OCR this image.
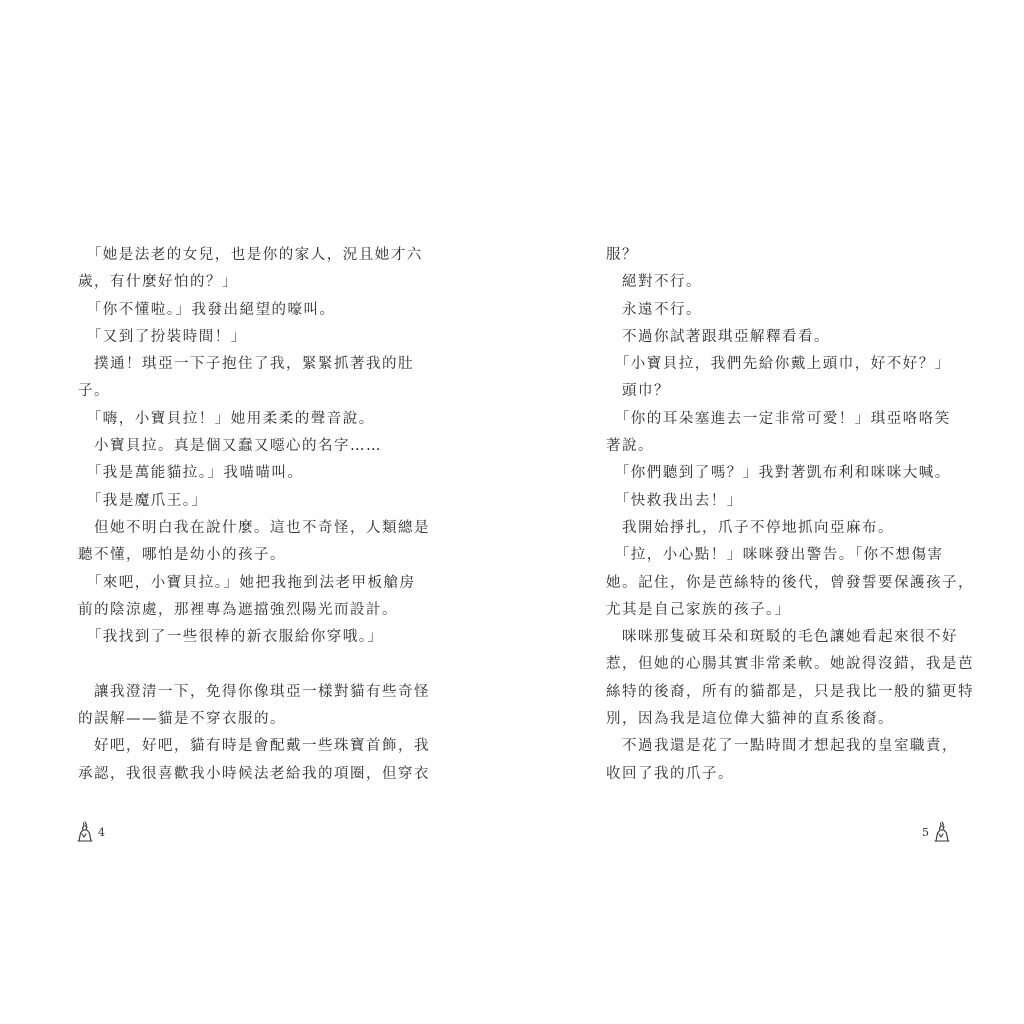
　「她是法老的女兒，也是你的家人，況且她才六
歲，有什麼好怕的？」
　「你不懂啦。」我發出絕望的嚎叫。
　「又到了扮裝時間！」
　撲通！琪亞一下子抱住了我，緊緊抓著我的肚
子。
　「嗨，小寶貝拉！」她用柔柔的聲音說。
　小寶貝拉。真是個又蠢又噁心的名字……
　「我是萬能貓拉。」我喵喵叫。
　「我是魔爪王。」
　但她不明白我在說什麼。這也不奇怪，人類總是
聽不懂，哪怕是幼小的孩子。
　「來吧，小寶貝拉。」她把我拖到法老甲板艙房
前的陰涼處，那裡專為遮擋強烈陽光而設計。
　「我找到了一些很棒的新衣服給你穿哦。」
　讓我澄清一下，免得你像琪亞一樣對貓有些奇怪
的誤解——貓是不穿衣服的。
　好吧，好吧，貓有時是會配戴一些珠寶首飾，我
承認，我很喜歡我小時候法老給我的項圈，但穿衣
服？
　絕對不行。
　永遠不行。
　不過你試著跟琪亞解釋看看。
　「小寶貝拉，我們先給你戴上頭巾，好不好？」
　頭巾？
　「你的耳朵塞進去一定非常可愛！」琪亞咯咯笑
著說。
　「你們聽到了嗎？」我對著凱布利和咪咪大喊。
　「快救我出去！」
　我開始掙扎，爪子不停地抓向亞麻布。
　「拉，小心點！」咪咪發出警告。「你不想傷害
她。記住，你是芭絲特的後代，曾發誓要保護孩子，
尤其是自己家族的孩子。」
　咪咪那隻破耳朵和斑駁的毛色讓她看起來很不好
惹，但她的心腸其實非常柔軟。她說得沒錯，我是芭
絲特的後裔，所有的貓都是，只是我比一般的貓更特
別，因為我是這位偉大貓神的直系後裔。
　不過我還是花了一點時間才想起我的皇室職責，
收回了我的爪子。
4	5
